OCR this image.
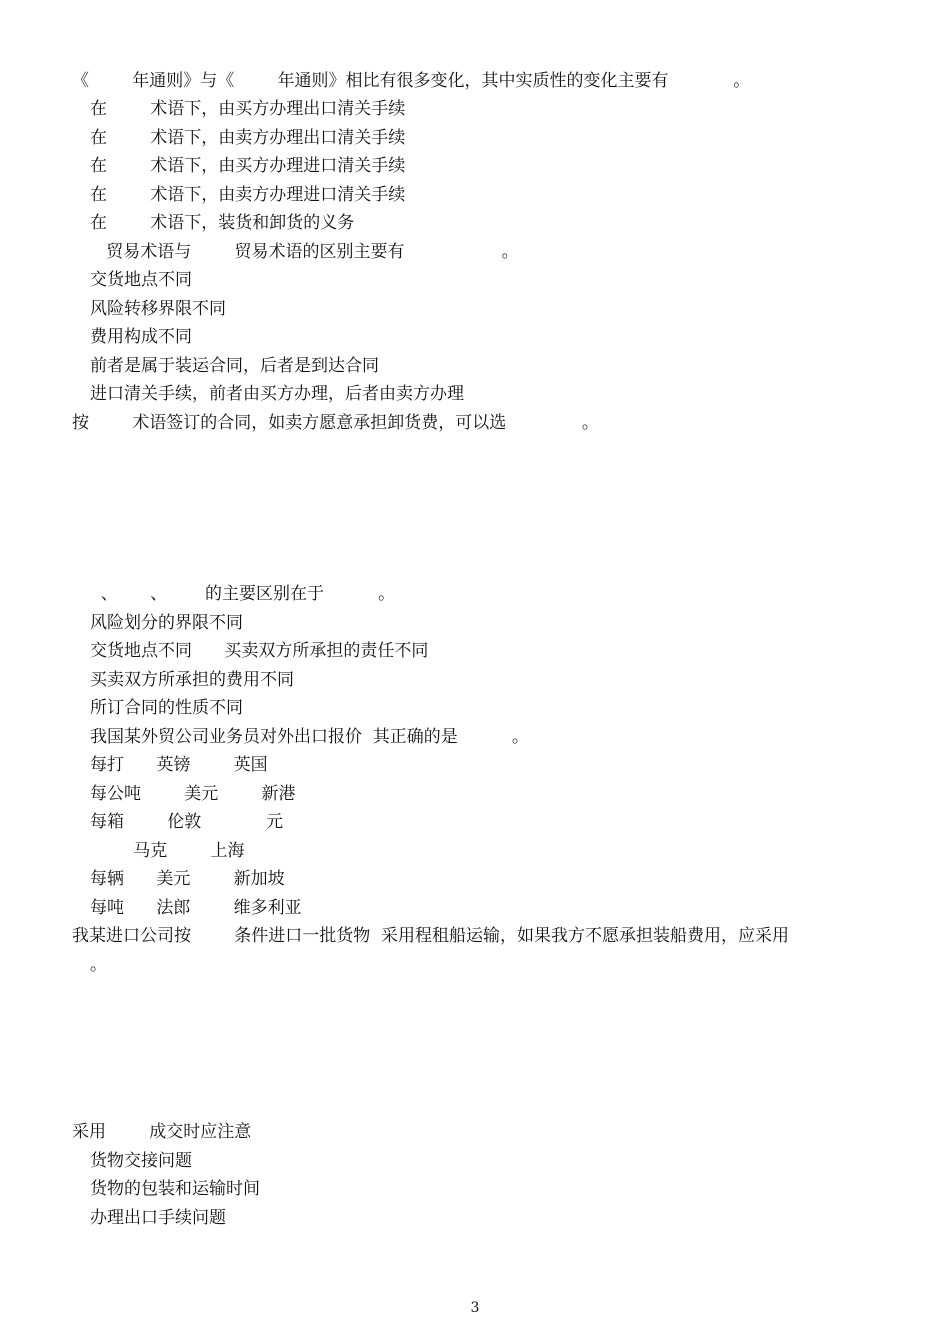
《        年通则》与《        年通则》相比有很多变化，其中实质性的变化主要有            。
在        术语下，由买方办理出口清关手续
在        术语下，由卖方办理出口清关手续
在        术语下，由买方办理进口清关手续
在        术语下，由卖方办理进口清关手续
在        术语下，装货和卸货的义务
贸易术语与        贸易术语的区别主要有                  。
交货地点不同
风险转移界限不同
费用构成不同
前者是属于装运合同，后者是到达合同
进口清关手续，前者由买方办理，后者由卖方办理
按        术语签订的合同，如卖方愿意承担卸货费，可以选              。
、      、       的主要区别在于          。
风险划分的界限不同
交货地点不同      买卖双方所承担的责任不同
买卖双方所承担的费用不同
所订合同的性质不同
我国某外贸公司业务员对外出口报价  其正确的是          。
每打      英镑        英国
每公吨        美元        新港
每箱        伦敦            元
马克        上海
每辆      美元        新加坡
每吨      法郎        维多利亚
我某进口公司按        条件进口一批货物  采用程租船运输，如果我方不愿承担装船费用，应采用
。
采用        成交时应注意
货物交接问题
货物的包装和运输时间
办理出口手续问题
3
